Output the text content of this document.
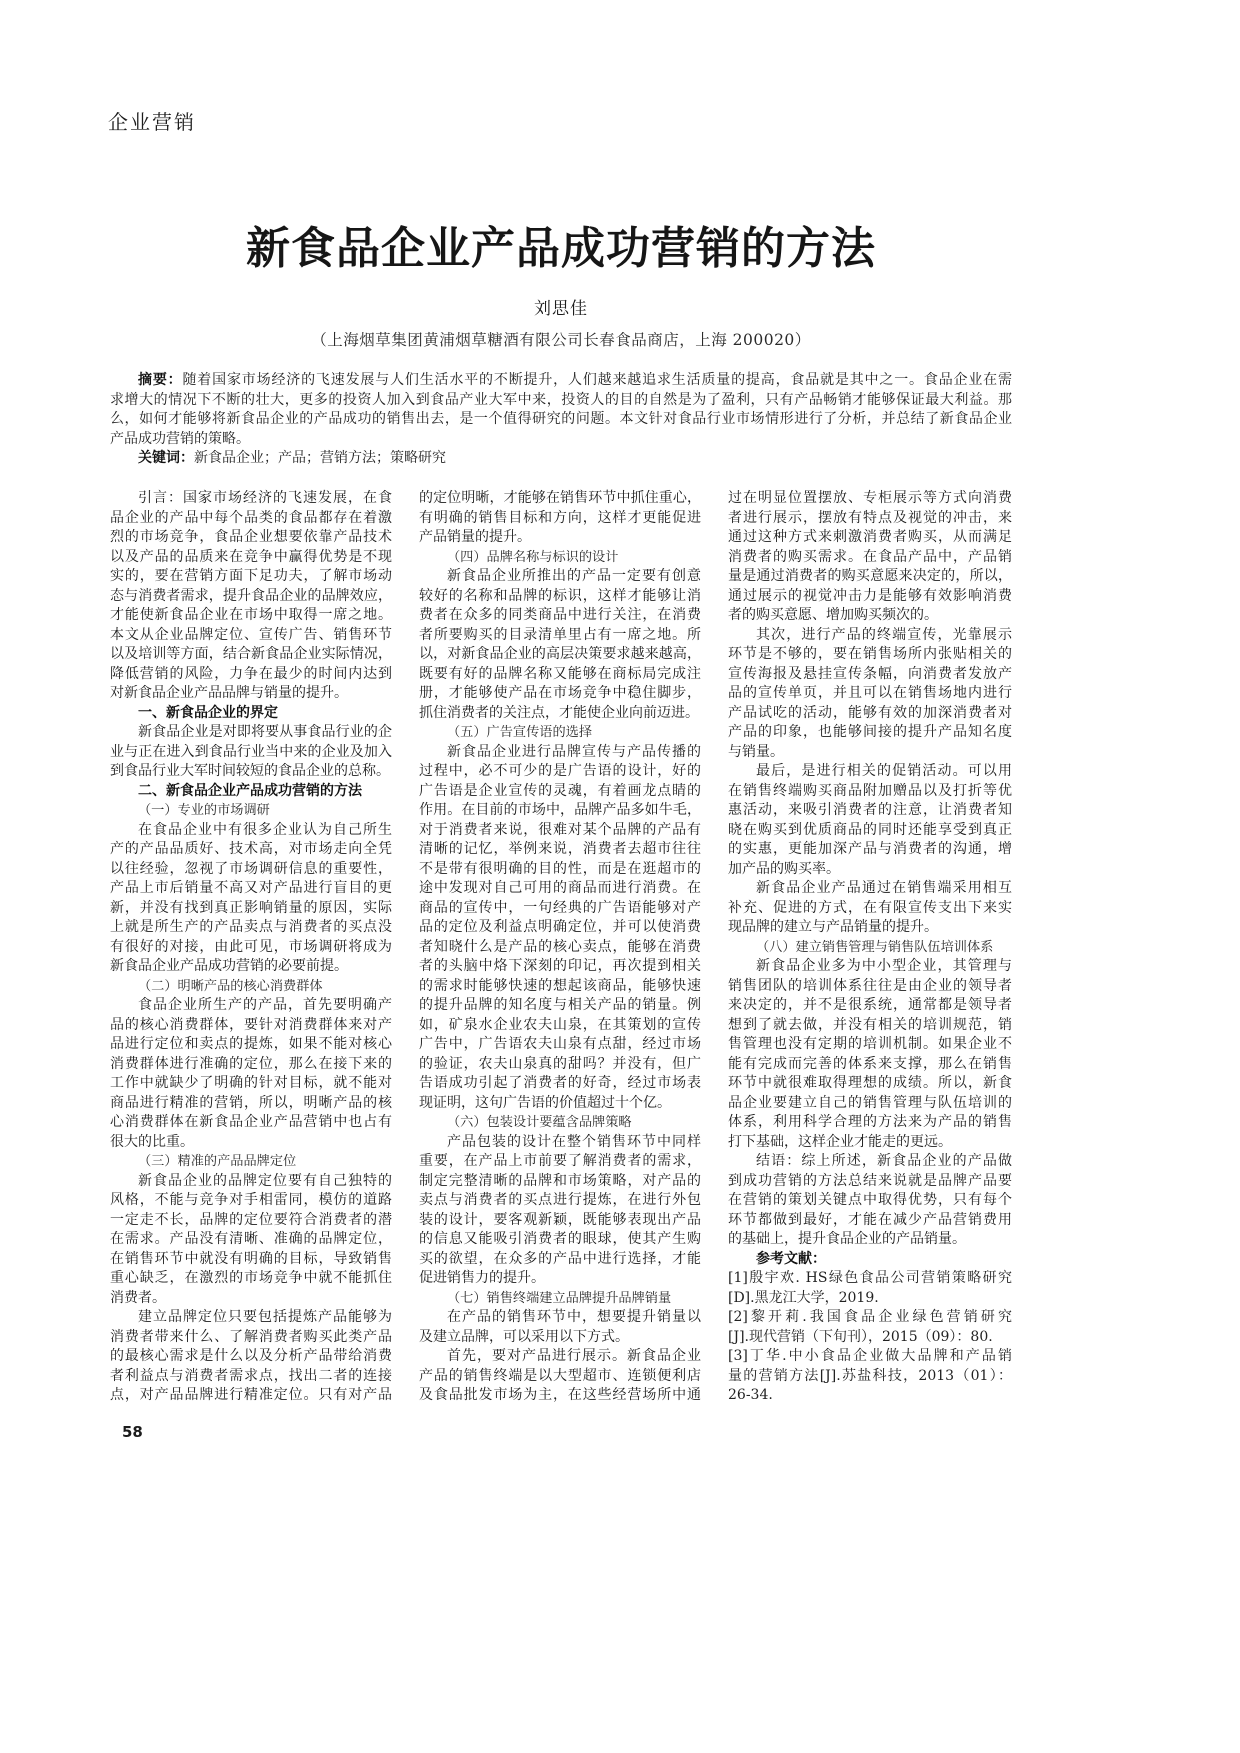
企业营销
新食品企业产品成功营销的方法
刘思佳
（上海烟草集团黄浦烟草糖酒有限公司长春食品商店，上海 200020）
摘要：随着国家市场经济的飞速发展与人们生活水平的不断提升，人们越来越追求生活质量的提高，食品就是其中之一。食品企业在需
求增大的情况下不断的壮大，更多的投资人加入到食品产业大军中来，投资人的目的自然是为了盈利，只有产品畅销才能够保证最大利益。那
么，如何才能够将新食品企业的产品成功的销售出去，是一个值得研究的问题。本文针对食品行业市场情形进行了分析，并总结了新食品企业
产品成功营销的策略。
关键词：新食品企业；产品；营销方法；策略研究
引言：国家市场经济的飞速发展，在食
品企业的产品中每个品类的食品都存在着激
烈的市场竞争，食品企业想要依靠产品技术
以及产品的品质来在竞争中赢得优势是不现
实的，要在营销方面下足功夫，了解市场动
态与消费者需求，提升食品企业的品牌效应，
才能使新食品企业在市场中取得一席之地。
本文从企业品牌定位、宣传广告、销售环节
以及培训等方面，结合新食品企业实际情况，
降低营销的风险，力争在最少的时间内达到
对新食品企业产品品牌与销量的提升。
一、新食品企业的界定
新食品企业是对即将要从事食品行业的企
业与正在进入到食品行业当中来的企业及加入
到食品行业大军时间较短的食品企业的总称。
二、新食品企业产品成功营销的方法
（一）专业的市场调研
在食品企业中有很多企业认为自己所生
产的产品品质好、技术高，对市场走向全凭
以往经验，忽视了市场调研信息的重要性，
产品上市后销量不高又对产品进行盲目的更
新，并没有找到真正影响销量的原因，实际
上就是所生产的产品卖点与消费者的买点没
有很好的对接，由此可见，市场调研将成为
新食品企业产品成功营销的必要前提。
（二）明晰产品的核心消费群体
食品企业所生产的产品，首先要明确产
品的核心消费群体，要针对消费群体来对产
品进行定位和卖点的提炼，如果不能对核心
消费群体进行准确的定位，那么在接下来的
工作中就缺少了明确的针对目标，就不能对
商品进行精准的营销，所以，明晰产品的核
心消费群体在新食品企业产品营销中也占有
很大的比重。
（三）精准的产品品牌定位
新食品企业的品牌定位要有自己独特的
风格，不能与竞争对手相雷同，模仿的道路
一定走不长，品牌的定位要符合消费者的潜
在需求。产品没有清晰、准确的品牌定位，
在销售环节中就没有明确的目标，导致销售
重心缺乏，在激烈的市场竞争中就不能抓住
消费者。
建立品牌定位只要包括提炼产品能够为
消费者带来什么、了解消费者购买此类产品
的最核心需求是什么以及分析产品带给消费
者利益点与消费者需求点，找出二者的连接
点，对产品品牌进行精准定位。只有对产品
的定位明晰，才能够在销售环节中抓住重心，
有明确的销售目标和方向，这样才更能促进
产品销量的提升。
（四）品牌名称与标识的设计
新食品企业所推出的产品一定要有创意
较好的名称和品牌的标识，这样才能够让消
费者在众多的同类商品中进行关注，在消费
者所要购买的目录清单里占有一席之地。所
以，对新食品企业的高层决策要求越来越高，
既要有好的品牌名称又能够在商标局完成注
册，才能够使产品在市场竞争中稳住脚步，
抓住消费者的关注点，才能使企业向前迈进。
（五）广告宣传语的选择
新食品企业进行品牌宣传与产品传播的
过程中，必不可少的是广告语的设计，好的
广告语是企业宣传的灵魂，有着画龙点睛的
作用。在目前的市场中，品牌产品多如牛毛，
对于消费者来说，很难对某个品牌的产品有
清晰的记忆，举例来说，消费者去超市往往
不是带有很明确的目的性，而是在逛超市的
途中发现对自己可用的商品而进行消费。在
商品的宣传中，一句经典的广告语能够对产
品的定位及利益点明确定位，并可以使消费
者知晓什么是产品的核心卖点，能够在消费
者的头脑中烙下深刻的印记，再次提到相关
的需求时能够快速的想起该商品，能够快速
的提升品牌的知名度与相关产品的销量。例
如，矿泉水企业农夫山泉，在其策划的宣传
广告中，广告语农夫山泉有点甜，经过市场
的验证，农夫山泉真的甜吗？并没有，但广
告语成功引起了消费者的好奇，经过市场表
现证明，这句广告语的价值超过十个亿。
（六）包装设计要蕴含品牌策略
产品包装的设计在整个销售环节中同样
重要，在产品上市前要了解消费者的需求，
制定完整清晰的品牌和市场策略，对产品的
卖点与消费者的买点进行提炼，在进行外包
装的设计，要客观新颖，既能够表现出产品
的信息又能吸引消费者的眼球，使其产生购
买的欲望，在众多的产品中进行选择，才能
促进销售力的提升。
（七）销售终端建立品牌提升品牌销量
在产品的销售环节中，想要提升销量以
及建立品牌，可以采用以下方式。
首先，要对产品进行展示。新食品企业
产品的销售终端是以大型超市、连锁便利店
及食品批发市场为主，在这些经营场所中通
过在明显位置摆放、专柜展示等方式向消费
者进行展示，摆放有特点及视觉的冲击，来
通过这种方式来刺激消费者购买，从而满足
消费者的购买需求。在食品产品中，产品销
量是通过消费者的购买意愿来决定的，所以，
通过展示的视觉冲击力是能够有效影响消费
者的购买意愿、增加购买频次的。
其次，进行产品的终端宣传，光靠展示
环节是不够的，要在销售场所内张贴相关的
宣传海报及悬挂宣传条幅，向消费者发放产
品的宣传单页，并且可以在销售场地内进行
产品试吃的活动，能够有效的加深消费者对
产品的印象，也能够间接的提升产品知名度
与销量。
最后，是进行相关的促销活动。可以用
在销售终端购买商品附加赠品以及打折等优
惠活动，来吸引消费者的注意，让消费者知
晓在购买到优质商品的同时还能享受到真正
的实惠，更能加深产品与消费者的沟通，增
加产品的购买率。
新食品企业产品通过在销售端采用相互
补充、促进的方式，在有限宣传支出下来实
现品牌的建立与产品销量的提升。
（八）建立销售管理与销售队伍培训体系
新食品企业多为中小型企业，其管理与
销售团队的培训体系往往是由企业的领导者
来决定的，并不是很系统，通常都是领导者
想到了就去做，并没有相关的培训规范，销
售管理也没有定期的培训机制。如果企业不
能有完成而完善的体系来支撑，那么在销售
环节中就很难取得理想的成绩。所以，新食
品企业要建立自己的销售管理与队伍培训的
体系，利用科学合理的方法来为产品的销售
打下基础，这样企业才能走的更远。
结语：综上所述，新食品企业的产品做
到成功营销的方法总结来说就是品牌产品要
在营销的策划关键点中取得优势，只有每个
环节都做到最好，才能在减少产品营销费用
的基础上，提升食品企业的产品销量。
参考文献：
[1]殷宇欢. HS绿色食品公司营销策略研究
[D].黑龙江大学，2019.
[2]黎开莉.我国食品企业绿色营销研究
[J].现代营销（下旬刊），2015（09）：80.
[3]丁华.中小食品企业做大品牌和产品销
量的营销方法[J].苏盐科技，2013（01）：
26-34.
58
